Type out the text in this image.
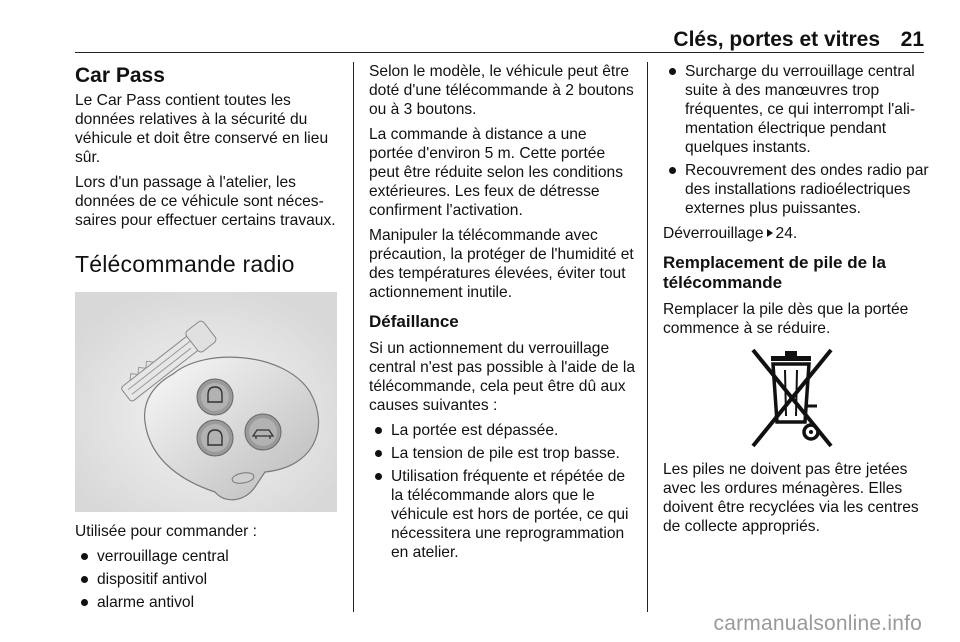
Clés, portes et vitres 21
Car Pass

Le Car Pass contient toutes les données relatives à la sécurité du véhicule et doit être conservé en lieu sûr.

Lors d'un passage à l'atelier, les données de ce véhicule sont nécessaires pour effectuer certains travaux.

Télécommande radio

Utilisée pour commander :

verrouillage central
dispositif antivol
alarme antivol

Selon le modèle, le véhicule peut être doté d'une télécommande à 2 boutons ou à 3 boutons.

La commande à distance a une portée d'environ 5 m. Cette portée peut être réduite selon les conditions extérieures. Les feux de détresse confirment l'activation.

Manipuler la télécommande avec précaution, la protéger de l'humidité et des températures élevées, éviter tout actionnement inutile.

Défaillance

Si un actionnement du verrouillage central n'est pas possible à l'aide de la télécommande, cela peut être dû aux causes suivantes :

La portée est dépassée.
La tension de pile est trop basse.
Utilisation fréquente et répétée de la télécommande alors que le véhicule est hors de portée, ce qui nécessitera une reprogrammation en atelier.
Surcharge du verrouillage central suite à des manœuvres trop fréquentes, ce qui interrompt l'alimentation électrique pendant quelques instants.
Recouvrement des ondes radio par des installations radioélectriques externes plus puissantes.

Déverrouillage 24.

Remplacement de pile de la télécommande

Remplacer la pile dès que la portée commence à se réduire.

Les piles ne doivent pas être jetées avec les ordures ménagères. Elles doivent être recyclées via les centres de collecte appropriés.

carmanualsonline.info
